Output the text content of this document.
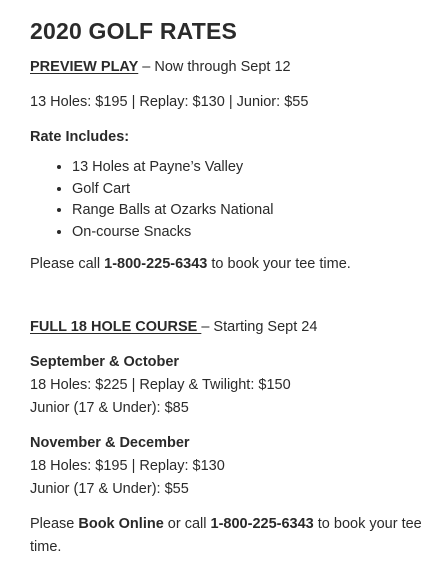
2020 GOLF RATES

PREVIEW PLAY – Now through Sept 12

13 Holes: $195 | Replay: $130 | Junior: $55

Rate Includes:

• 13 Holes at Payne’s Valley
• Golf Cart
• Range Balls at Ozarks National
• On-course Snacks

Please call 1-800-225-6343 to book your tee time.

FULL 18 HOLE COURSE – Starting Sept 24

September & October

18 Holes: $225 | Replay & Twilight: $150

Junior (17 & Under): $85

November & December

18 Holes: $195 | Replay: $130

Junior (17 & Under): $55

Please Book Online or call 1-800-225-6343 to book your tee time.
